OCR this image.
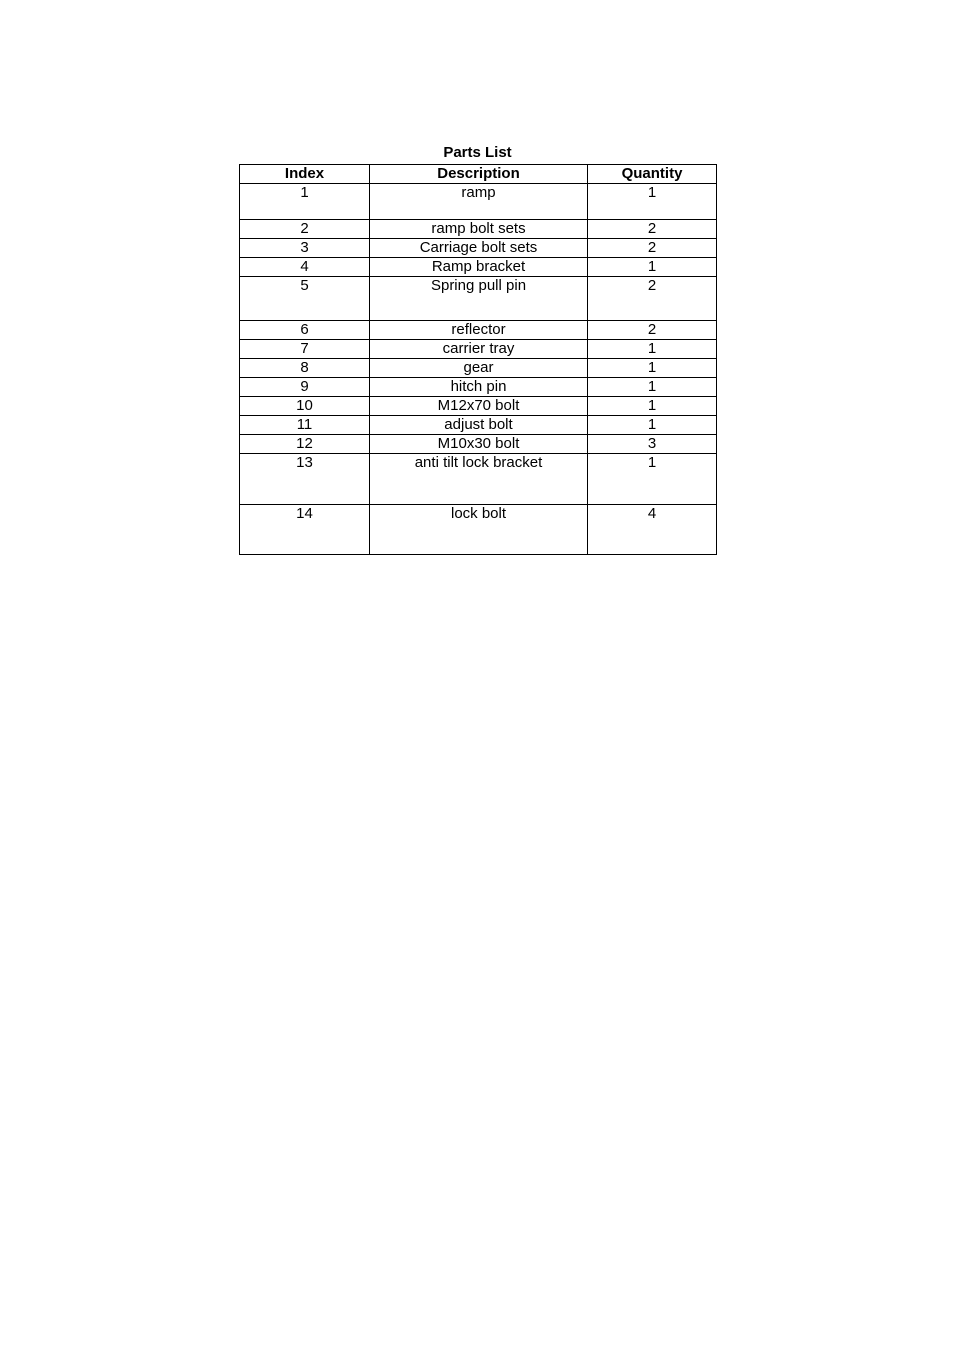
Parts List
Index	Description	Quantity
1	ramp	1
2	ramp bolt sets	2
3	Carriage bolt sets	2
4	Ramp bracket	1
5	Spring pull pin	2
6	reflector	2
7	carrier tray	1
8	gear	1
9	hitch pin	1
10	M12x70 bolt	1
11	adjust bolt	1
12	M10x30 bolt	3
13	anti tilt lock bracket	1
14	lock bolt	4
